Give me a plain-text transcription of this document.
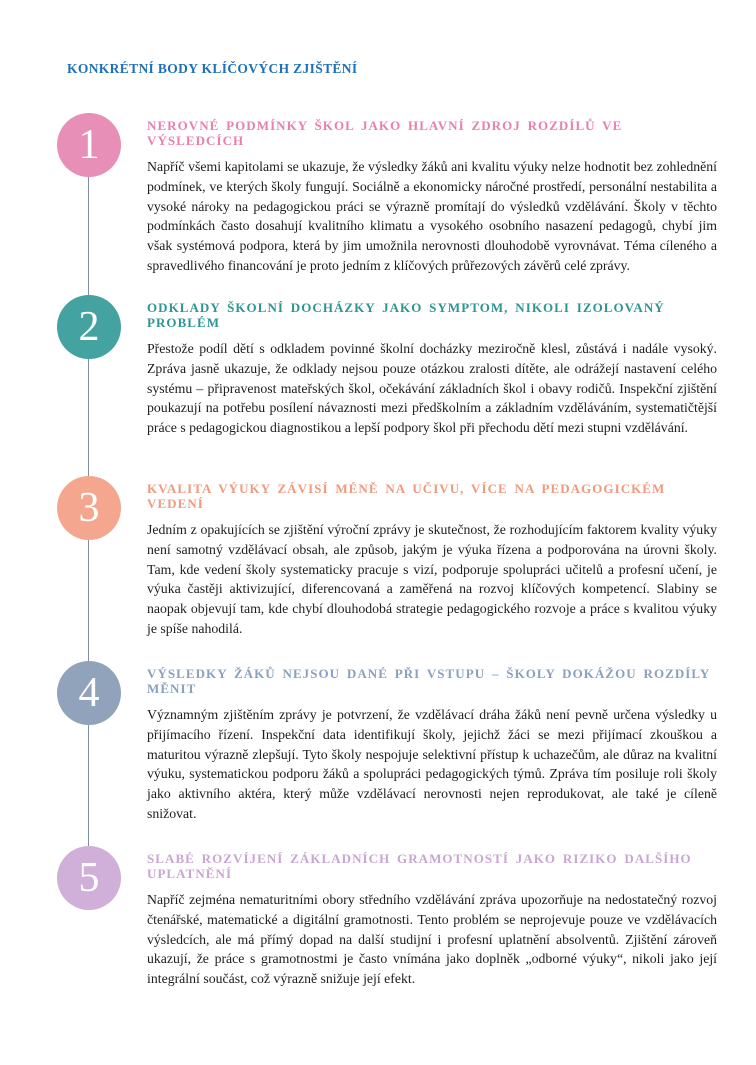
KONKRÉTNÍ BODY KLÍČOVÝCH ZJIŠTĚNÍ
1	NEROVNÉ PODMÍNKY ŠKOL JAKO HLAVNÍ ZDROJ ROZDÍLŮ VE VÝSLEDCÍCH

Napříč všemi kapitolami se ukazuje, že výsledky žáků ani kvalitu výuky nelze hodnotit bez zohlednění podmínek, ve kterých školy fungují. Sociálně a ekonomicky náročné prostředí, personální nestabilita a vysoké nároky na pedagogickou práci se výrazně promítají do výsledků vzdělávání. Školy v těchto podmínkách často dosahují kvalitního klimatu a vysokého osobního nasazení pedagogů, chybí jim však systémová podpora, která by jim umožnila nerovnosti dlouhodobě vyrovnávat. Téma cíleného a spravedlivého financování je proto jedním z klíčových průřezových závěrů celé zprávy.

2	ODKLADY ŠKOLNÍ DOCHÁZKY JAKO SYMPTOM, NIKOLI IZOLOVANÝ PROBLÉM

Přestože podíl dětí s odkladem povinné školní docházky meziročně klesl, zůstává i nadále vysoký. Zpráva jasně ukazuje, že odklady nejsou pouze otázkou zralosti dítěte, ale odrážejí nastavení celého systému – připravenost mateřských škol, očekávání základních škol i obavy rodičů. Inspekční zjištění poukazují na potřebu posílení návaznosti mezi předškolním a základním vzděláváním, systematičtější práce s pedagogickou diagnostikou a lepší podpory škol při přechodu dětí mezi stupni vzdělávání.

3	KVALITA VÝUKY ZÁVISÍ MÉNĚ NA UČIVU, VÍCE NA PEDAGOGICKÉM VEDENÍ

Jedním z opakujících se zjištění výroční zprávy je skutečnost, že rozhodujícím faktorem kvality výuky není samotný vzdělávací obsah, ale způsob, jakým je výuka řízena a podporována na úrovni školy. Tam, kde vedení školy systematicky pracuje s vizí, podporuje spolupráci učitelů a profesní učení, je výuka častěji aktivizující, diferencovaná a zaměřená na rozvoj klíčových kompetencí. Slabiny se naopak objevují tam, kde chybí dlouhodobá strategie pedagogického rozvoje a práce s kvalitou výuky je spíše nahodilá.

4	VÝSLEDKY ŽÁKŮ NEJSOU DANÉ PŘI VSTUPU – ŠKOLY DOKÁŽOU ROZDÍLY MĚNIT

Významným zjištěním zprávy je potvrzení, že vzdělávací dráha žáků není pevně určena výsledky u přijímacího řízení. Inspekční data identifikují školy, jejichž žáci se mezi přijímací zkouškou a maturitou výrazně zlepšují. Tyto školy nespojuje selektivní přístup k uchazečům, ale důraz na kvalitní výuku, systematickou podporu žáků a spolupráci pedagogických týmů. Zpráva tím posiluje roli školy jako aktivního aktéra, který může vzdělávací nerovnosti nejen reprodukovat, ale také je cíleně snižovat.

5	SLABÉ ROZVÍJENÍ ZÁKLADNÍCH GRAMOTNOSTÍ JAKO RIZIKO DALŠÍHO UPLATNĚNÍ

Napříč zejména nematuritními obory středního vzdělávání zpráva upozorňuje na nedostatečný rozvoj čtenářské, matematické a digitální gramotnosti. Tento problém se neprojevuje pouze ve vzdělávacích výsledcích, ale má přímý dopad na další studijní i profesní uplatnění absolventů. Zjištění zároveň ukazují, že práce s gramotnostmi je často vnímána jako doplněk „odborné výuky“, nikoli jako její integrální součást, což výrazně snižuje její efekt.
